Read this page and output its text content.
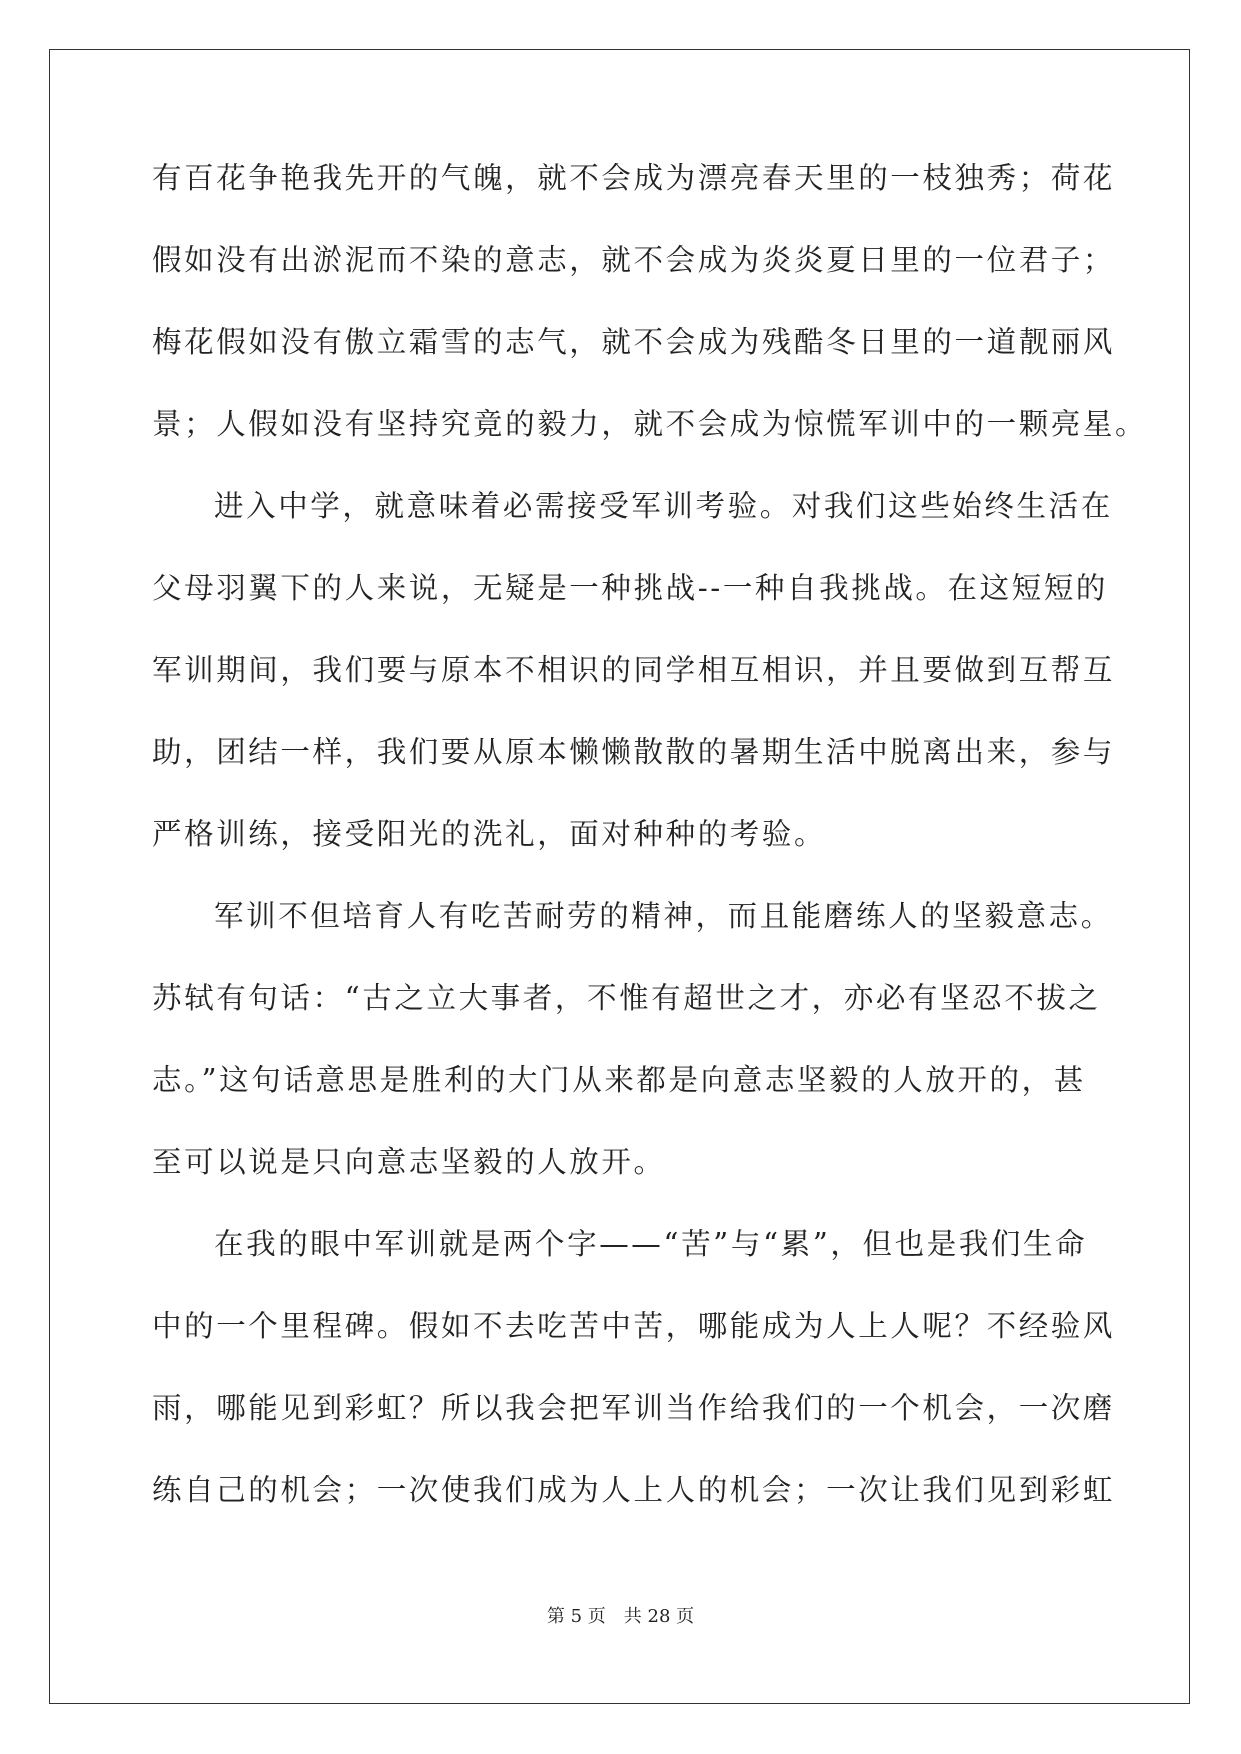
有百花争艳我先开的气魄，就不会成为漂亮春天里的一枝独秀；荷花
假如没有出淤泥而不染的意志，就不会成为炎炎夏日里的一位君子；
梅花假如没有傲立霜雪的志气，就不会成为残酷冬日里的一道靓丽风
景；人假如没有坚持究竟的毅力，就不会成为惊慌军训中的一颗亮星。
进入中学，就意味着必需接受军训考验。对我们这些始终生活在
父母羽翼下的人来说，无疑是一种挑战--一种自我挑战。在这短短的
军训期间，我们要与原本不相识的同学相互相识，并且要做到互帮互
助，团结一样，我们要从原本懒懒散散的暑期生活中脱离出来，参与
严格训练，接受阳光的洗礼，面对种种的考验。
军训不但培育人有吃苦耐劳的精神，而且能磨练人的坚毅意志。
苏轼有句话：“古之立大事者，不惟有超世之才，亦必有坚忍不拔之
志。”这句话意思是胜利的大门从来都是向意志坚毅的人放开的，甚
至可以说是只向意志坚毅的人放开。
在我的眼中军训就是两个字——“苦”与“累”，但也是我们生命
中的一个里程碑。假如不去吃苦中苦，哪能成为人上人呢？不经验风
雨，哪能见到彩虹？所以我会把军训当作给我们的一个机会，一次磨
练自己的机会；一次使我们成为人上人的机会；一次让我们见到彩虹
第 5 页　共 28 页
